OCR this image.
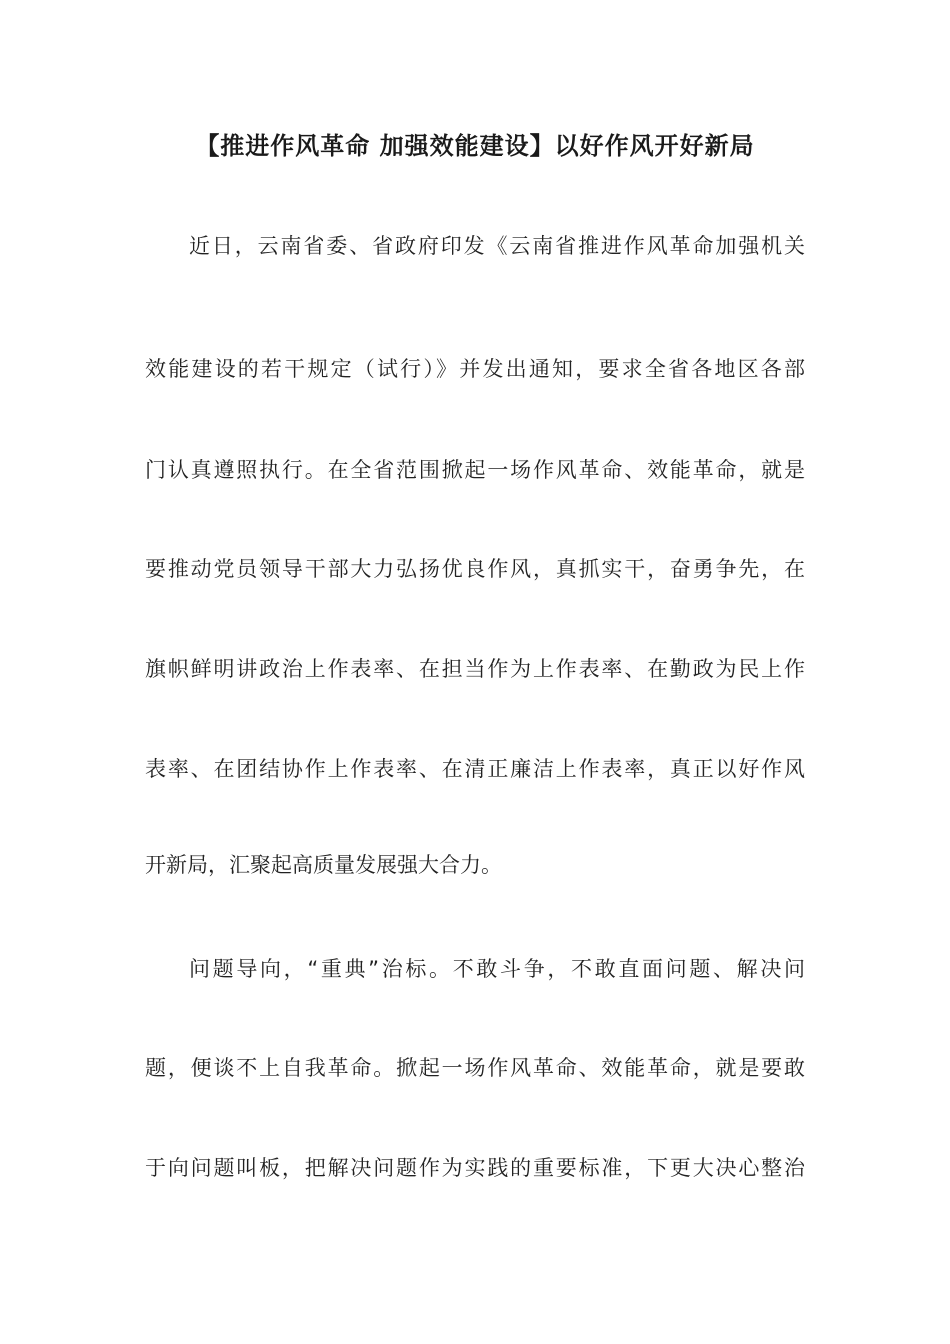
【推进作风革命 加强效能建设】以好作风开好新局
近日，云南省委、省政府印发《云南省推进作风革命加强机关
效能建设的若干规定（试行）》并发出通知，要求全省各地区各部
门认真遵照执行。在全省范围掀起一场作风革命、效能革命，就是
要推动党员领导干部大力弘扬优良作风，真抓实干，奋勇争先，在
旗帜鲜明讲政治上作表率、在担当作为上作表率、在勤政为民上作
表率、在团结协作上作表率、在清正廉洁上作表率，真正以好作风
开新局，汇聚起高质量发展强大合力。
问题导向，“重典”治标。不敢斗争，不敢直面问题、解决问
题，便谈不上自我革命。掀起一场作风革命、效能革命，就是要敢
于向问题叫板，把解决问题作为实践的重要标准，下更大决心整治
